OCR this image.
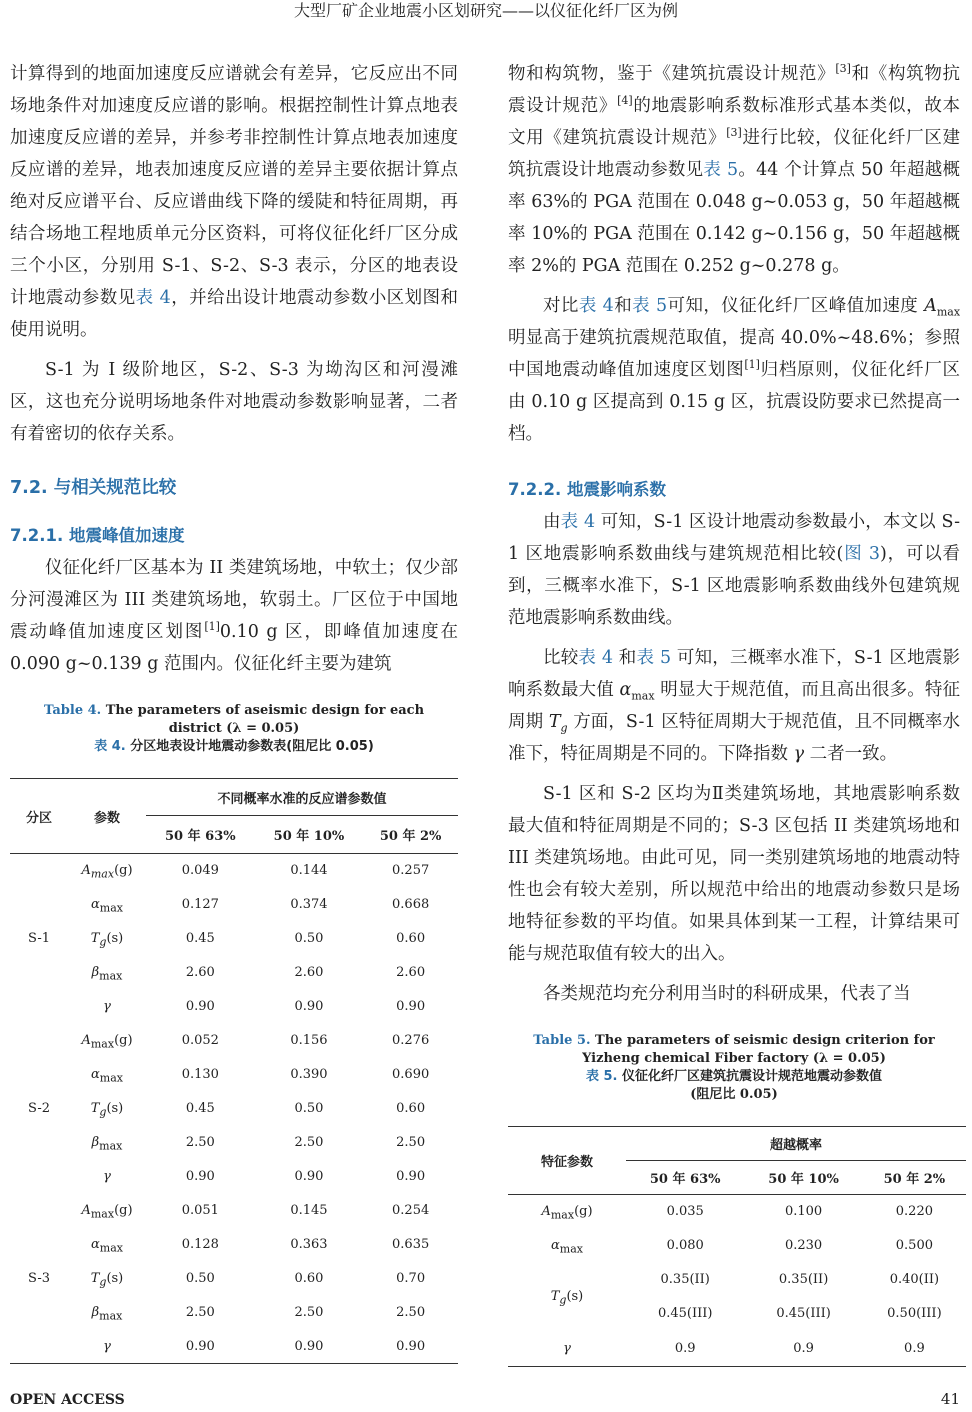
大型厂矿企业地震小区划研究——以仪征化纤厂区为例

计算得到的地面加速度反应谱就会有差异，它反应出不同场地条件对加速度反应谱的影响。根据控制性计算点地表加速度反应谱的差异，并参考非控制性计算点地表加速度反应谱的差异，地表加速度反应谱的差异主要依据计算点绝对反应谱平台、反应谱曲线下降的缓陡和特征周期，再结合场地工程地质单元分区资料，可将仪征化纤厂区分成三个小区，分别用 S-1、S-2、S-3 表示，分区的地表设计地震动参数见表 4，并给出设计地震动参数小区划图和使用说明。

S-1 为 I 级阶地区，S-2、S-3 为坳沟区和河漫滩区，这也充分说明场地条件对地震动参数影响显著，二者有着密切的依存关系。

7.2. 与相关规范比较

7.2.1. 地震峰值加速度

仪征化纤厂区基本为 II 类建筑场地，中软土；仅少部分河漫滩区为 III 类建筑场地，软弱土。厂区位于中国地震动峰值加速度区划图[1]0.10 g 区，即峰值加速度在 0.090 g~0.139 g 范围内。仪征化纤主要为建筑

Table 4. The parameters of aseismic design for each district (λ = 0.05)
表 4. 分区地表设计地震动参数表(阻尼比 0.05)
分区	参数	不同概率水准的反应谱参数值		
		50 年 63%	50 年 10%	50 年 2%
S-1	$A_{max}(g)$	0.049	0.144	0.257
	$\alpha_{max}$	0.127	0.374	0.668
	$T_g(s)$	0.45	0.50	0.60
	$\beta_{max}$	2.60	2.60	2.60
	γ	0.90	0.90	0.90
S-2	$A_{max}(g)$	0.052	0.156	0.276
	$\alpha_{max}$	0.130	0.390	0.690
	$T_g(s)$	0.45	0.50	0.60
	$\beta_{max}$	2.50	2.50	2.50
	γ	0.90	0.90	0.90
S-3	$A_{max}(g)$	0.051	0.145	0.254
	$\alpha_{max}$	0.128	0.363	0.635
	$T_g(s)$	0.50	0.60	0.70
	$\beta_{max}$	2.50	2.50	2.50
	γ	0.90	0.90	0.90

物和构筑物，鉴于《建筑抗震设计规范》[3]和《构筑物抗震设计规范》[4]的地震影响系数标准形式基本类似，故本文用《建筑抗震设计规范》[3]进行比较，仪征化纤厂区建筑抗震设计地震动参数见表 5。44 个计算点 50 年超越概率 63%的 PGA 范围在 0.048 g~0.053 g，50 年超越概率 10%的 PGA 范围在 0.142 g~0.156 g，50 年超越概率 2%的 PGA 范围在 0.252 g~0.278 g。

对比表 4和表 5可知，仪征化纤厂区峰值加速度 $A_{max}$ 明显高于建筑抗震规范取值，提高 40.0%~48.6%；参照中国地震动峰值加速度区划图[1]归档原则，仪征化纤厂区由 0.10 g 区提高到 0.15 g 区，抗震设防要求已然提高一档。

7.2.2. 地震影响系数

由表 4 可知，S-1 区设计地震动参数最小，本文以 S-1 区地震影响系数曲线与建筑规范相比较(图 3)，可以看到，三概率水准下，S-1 区地震影响系数曲线外包建筑规范地震影响系数曲线。

比较表 4 和表 5 可知，三概率水准下，S-1 区地震影响系数最大值 $\alpha_{max}$ 明显大于规范值，而且高出很多。特征周期 $T_g$ 方面，S-1 区特征周期大于规范值，且不同概率水准下，特征周期是不同的。下降指数 γ 二者一致。

S-1 区和 S-2 区均为Ⅱ类建筑场地，其地震影响系数最大值和特征周期是不同的；S-3 区包括 II 类建筑场地和 III 类建筑场地。由此可见，同一类别建筑场地的地震动特性也会有较大差别，所以规范中给出的地震动参数只是场地特征参数的平均值。如果具体到某一工程，计算结果可能与规范取值有较大的出入。

各类规范均充分利用当时的科研成果，代表了当

Table 5. The parameters of seismic design criterion for Yizheng chemical Fiber factory (λ = 0.05)
表 5. 仪征化纤厂区建筑抗震设计规范地震动参数值
(阻尼比 0.05)
特征参数	超越概率		
	50 年 63%	50 年 10%	50 年 2%
$A_{max}(g)$	0.035	0.100	0.220
$\alpha_{max}$	0.080	0.230	0.500
$T_g(s)$	0.35(II)	0.35(II)	0.40(II)
	0.45(III)	0.45(III)	0.50(III)
γ	0.9	0.9	0.9
OPEN ACCESS	41
